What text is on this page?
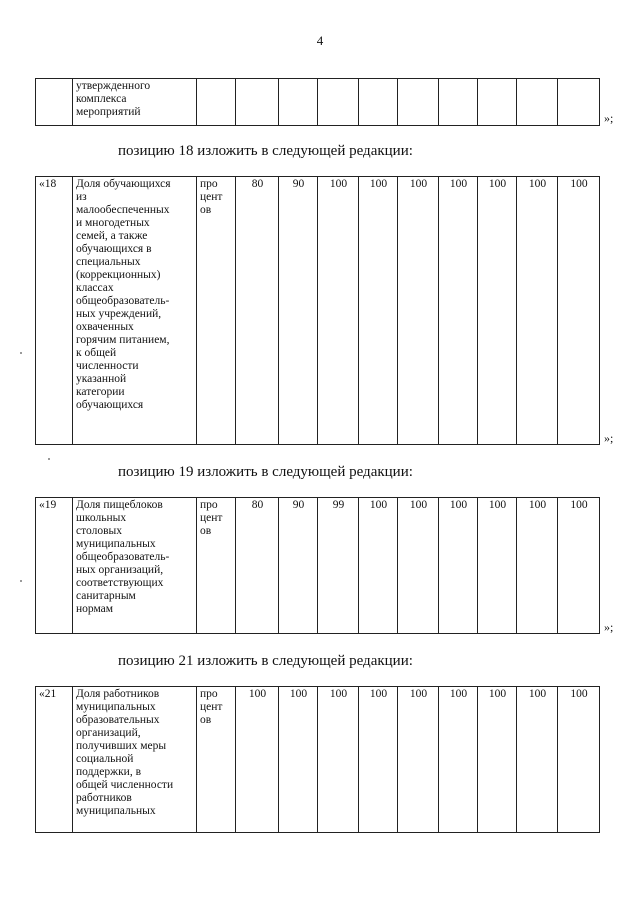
4
	утвержденного
комплекса
мероприятий											»;
позицию 18 изложить в следующей редакции:
«18	Доля обучающихся
из
малообеспеченных
и многодетных
семей, а также
обучающихся в
специальных
(коррекционных)
классах
общеобразователь-
ных учреждений,
охваченных
горячим питанием,
к общей
численности
указанной
категории
обучающихся	про
цент
ов	80	90	100	100	100	100	100	100	100
»;
позицию 19 изложить в следующей редакции:
«19	Доля пищеблоков
школьных
столовых
муниципальных
общеобразователь-
ных организаций,
соответствующих
санитарным
нормам	про
цент
ов	80	90	99	100	100	100	100	100	100
»;
позицию 21 изложить в следующей редакции:
«21	Доля работников
муниципальных
образовательных
организаций,
получивших меры
социальной
поддержки, в
общей численности
работников
муниципальных	про
цент
ов	100	100	100	100	100	100	100	100	100
